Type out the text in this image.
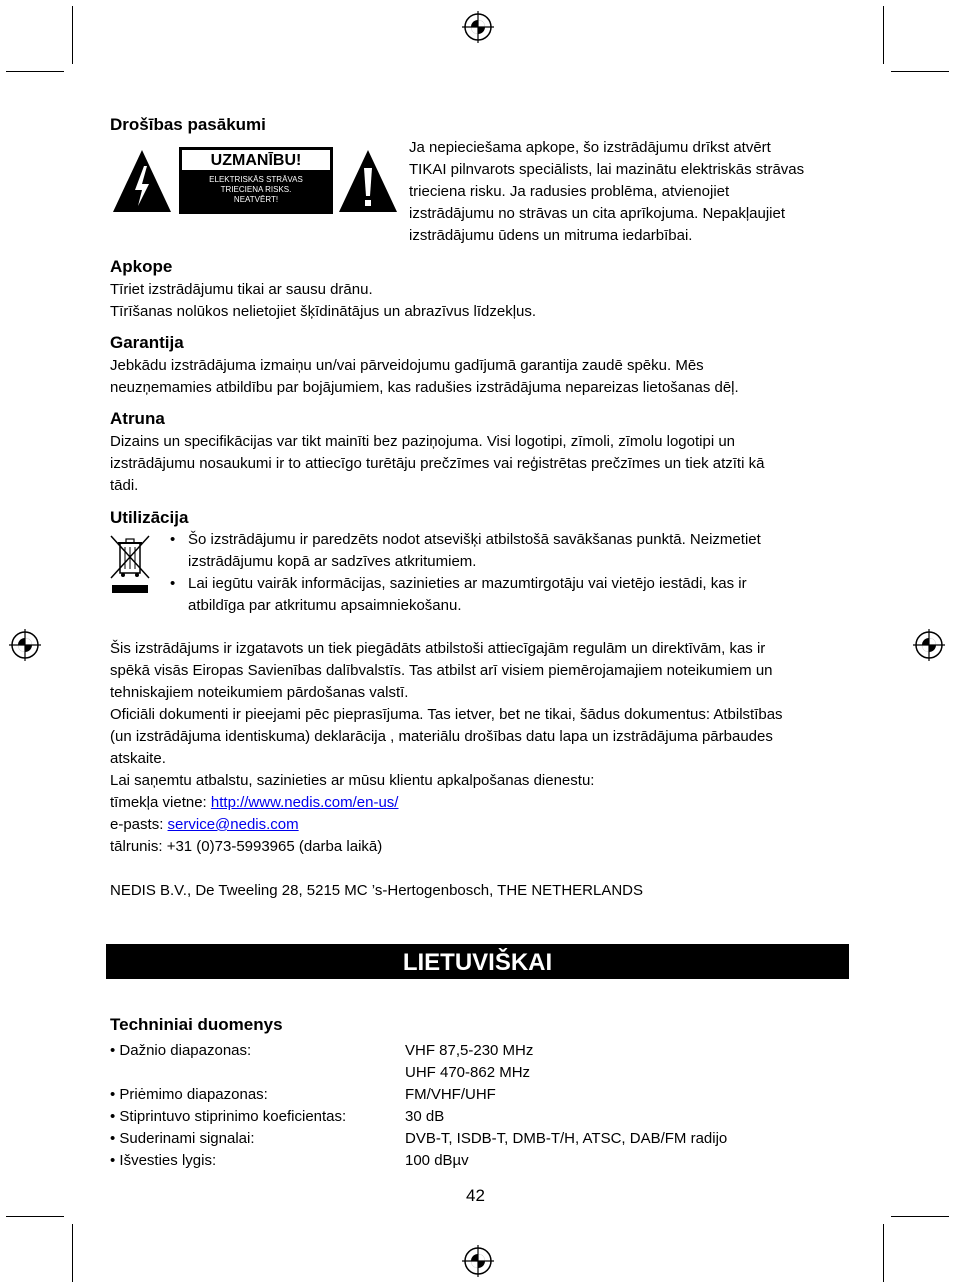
Drošības pasākumi
UZMANĪBU!
ELEKTRISKĀS STRĀVAS
TRIECIENA RISKS.
NEATVĒRT!
Ja nepieciešama apkope, šo izstrādājumu drīkst atvērt
TIKAI pilnvarots speciālists, lai mazinātu elektriskās strāvas
trieciena risku. Ja radusies problēma, atvienojiet
izstrādājumu no strāvas un cita aprīkojuma. Nepakļaujiet
izstrādājumu ūdens un mitruma iedarbībai.
Apkope
Tīriet izstrādājumu tikai ar sausu drānu.
Tīrīšanas nolūkos nelietojiet šķīdinātājus un abrazīvus līdzekļus.
Garantija
Jebkādu izstrādājuma izmaiņu un/vai pārveidojumu gadījumā garantija zaudē spēku. Mēs
neuzņemamies atbildību par bojājumiem, kas radušies izstrādājuma nepareizas lietošanas dēļ.
Atruna
Dizains un specifikācijas var tikt mainīti bez paziņojuma. Visi logotipi, zīmoli, zīmolu logotipi un
izstrādājumu nosaukumi ir to attiecīgo turētāju prečzīmes vai reģistrētas prečzīmes un tiek atzīti kā
tādi.
Utilizācija
• Šo izstrādājumu ir paredzēts nodot atsevišķi atbilstošā savākšanas punktā. Neizmetiet
izstrādājumu kopā ar sadzīves atkritumiem.
• Lai iegūtu vairāk informācijas, sazinieties ar mazumtirgotāju vai vietējo iestādi, kas ir
atbildīga par atkritumu apsaimniekošanu.
Šis izstrādājums ir izgatavots un tiek piegādāts atbilstoši attiecīgajām regulām un direktīvām, kas ir
spēkā visās Eiropas Savienības dalībvalstīs. Tas atbilst arī visiem piemērojamajiem noteikumiem un
tehniskajiem noteikumiem pārdošanas valstī.
Oficiāli dokumenti ir pieejami pēc pieprasījuma. Tas ietver, bet ne tikai, šādus dokumentus: Atbilstības
(un izstrādājuma identiskuma) deklarācija , materiālu drošības datu lapa un izstrādājuma pārbaudes
atskaite.
Lai saņemtu atbalstu, sazinieties ar mūsu klientu apkalpošanas dienestu:
tīmekļa vietne: http://www.nedis.com/en-us/
e-pasts: service@nedis.com
tālrunis: +31 (0)73-5993965 (darba laikā)
NEDIS B.V., De Tweeling 28, 5215 MC ’s-Hertogenbosch, THE NETHERLANDS
LIETUVIŠKAI
Techniniai duomenys
• Dažnio diapazonas:	VHF 87,5-230 MHz
UHF 470-862 MHz
• Priėmimo diapazonas:	FM/VHF/UHF
• Stiprintuvo stiprinimo koeficientas:	30 dB
• Suderinami signalai:	DVB-T, ISDB-T, DMB-T/H, ATSC, DAB/FM radijo
• Išvesties lygis:	100 dBµv
42
